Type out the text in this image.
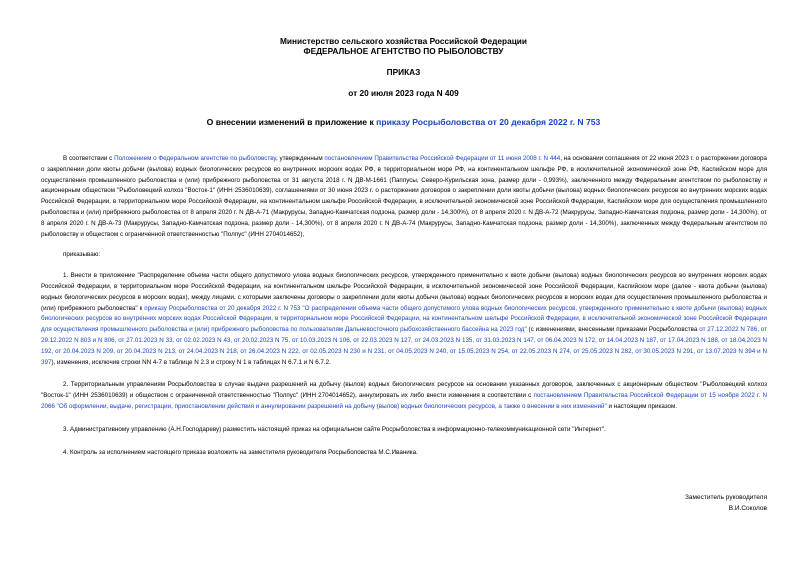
Министерство сельского хозяйства Российской Федерации
ФЕДЕРАЛЬНОЕ АГЕНТСТВО ПО РЫБОЛОВСТВУ
ПРИКАЗ
от 20 июля 2023 года N 409
О внесении изменений в приложение к приказу Росрыболовства от 20 декабря 2022 г. N 753

В соответствии с Положением о Федеральном агентстве по рыболовству, утвержденным постановлением Правительства Российской Федерации от 11 июня 2008 г. N 444, на основании соглашения от 22 июня 2023 г. о расторжении договора о закреплении доли квоты добычи (вылова) водных биологических ресурсов во внутренних морских водах РФ, в территориальном море РФ, на континентальном шельфе РФ, в исключительной экономической зоне РФ, Каспийском море для осуществления промышленного рыболовства и (или) прибрежного рыболовства от 31 августа 2018 г. N ДВ-М-1661 (Паппусы, Северо-Курильская зона, размер доли - 0,993%), заключенного между Федеральным агентством по рыболовству и акционерным обществом "Рыболовецкий колхоз "Восток-1" (ИНН 2536010639), соглашениями от 30 июня 2023 г. о расторжении договоров о закреплении доли квоты добычи (вылова) водных биологических ресурсов во внутренних морских водах Российской Федерации, в территориальном море Российской Федерации, на континентальном шельфе Российской Федерации, в исключительной экономической зоне Российской Федерации, Каспийском море для осуществления промышленного рыболовства и (или) прибрежного рыболовства от 8 апреля 2020 г. N ДВ-А-71 (Макрурусы, Западно-Камчатская подзона, размер доли - 14,300%), от 8 апреля 2020 г. N ДВ-А-72 (Макрурусы, Западно-Камчатская подзона, размер доли - 14,300%), от 8 апреля 2020 г. N ДВ-А-73 (Макрурусы, Западно-Камчатская подзона, размер доли - 14,300%), от 8 апреля 2020 г. N ДВ-А-74 (Макрурусы, Западно-Камчатская подзона, размер доли - 14,300%), заключенных между Федеральным агентством по рыболовству и обществом с ограниченной ответственностью "Полпус" (ИНН 2704014652),

приказываю:

1. Внести в приложение "Распределение объема части общего допустимого улова водных биологических ресурсов, утвержденного применительно к квоте добычи (вылова) водных биологических ресурсов во внутренних морских водах Российской Федерации, в территориальном море Российской Федерации, на континентальном шельфе Российской Федерации, в исключительной экономической зоне Российской Федерации, Каспийском море (далее - квота добычи (вылова) водных биологических ресурсов в морских водах), между лицами, с которыми заключены договоры о закреплении доли квоты добычи (вылова) водных биологических ресурсов в морских водах для осуществления промышленного рыболовства и (или) прибрежного рыболовства" к приказу Росрыболовства от 20 декабря 2022 г. N 753 "О распределении объема части общего допустимого улова водных биологических ресурсов, утвержденного применительно к квоте добычи (вылова) водных биологических ресурсов во внутренних морских водах Российской Федерации, в территориальном море Российской Федерации, на континентальном шельфе Российской Федерации, в исключительной экономической зоне Российской Федерации для осуществления промышленного рыболовства и (или) прибрежного рыболовства по пользователям Дальневосточного рыбохозяйственного бассейна на 2023 год" (с изменениями, внесенными приказами Росрыболовства от 27.12.2022 N 786, от 29.12.2022 N 803 и N 806, от 27.01.2023 N 33, от 02.02.2023 N 43, от 20.02.2023 N 75, от 10.03.2023 N 106, от 22.03.2023 N 127, от 24.03.2023 N 135, от 31.03.2023 N 147, от 06.04.2023 N 172, от 14.04.2023 N 187, от 17.04.2023 N 188, от 18.04.2023 N 192, от 20.04.2023 N 209, от 20.04.2023 N 213, от 24.04.2023 N 218, от 26.04.2023 N 222, от 02.05.2023 N 230 и N 231, от 04.05.2023 N 240, от 15.05.2023 N 254, от 22.05.2023 N 274, от 25.05.2023 N 282, от 30.05.2023 N 291, от 13.07.2023 N 394 и N 397), изменения, исключив строки NN 4-7 в таблице N 2.3 и строку N 1 в таблицах N 6.7.1 и N 6.7.2.

2. Территориальным управлениям Росрыболовства в случае выдачи разрешений на добычу (вылов) водных биологических ресурсов на основании указанных договоров, заключенных с акционерным обществом "Рыболовецкий колхоз "Восток-1" (ИНН 2536010639) и обществом с ограниченной ответственностью "Полпус" (ИНН 2704014652), аннулировать их либо внести изменения в соответствии с постановлением Правительства Российской Федерации от 15 ноября 2022 г. N 2066 "Об оформлении, выдаче, регистрации, приостановлении действия и аннулировании разрешений на добычу (вылов) водных биологических ресурсов, а также о внесении в них изменений" и настоящим приказом.

3. Административному управлению (А.Н.Господареву) разместить настоящий приказ на официальном сайте Росрыболовства в информационно-телекоммуникационной сети "Интернет".

4. Контроль за исполнением настоящего приказа возложить на заместителя руководителя Росрыболовства М.С.Иваника.

Заместитель руководителя
В.И.Соколов
